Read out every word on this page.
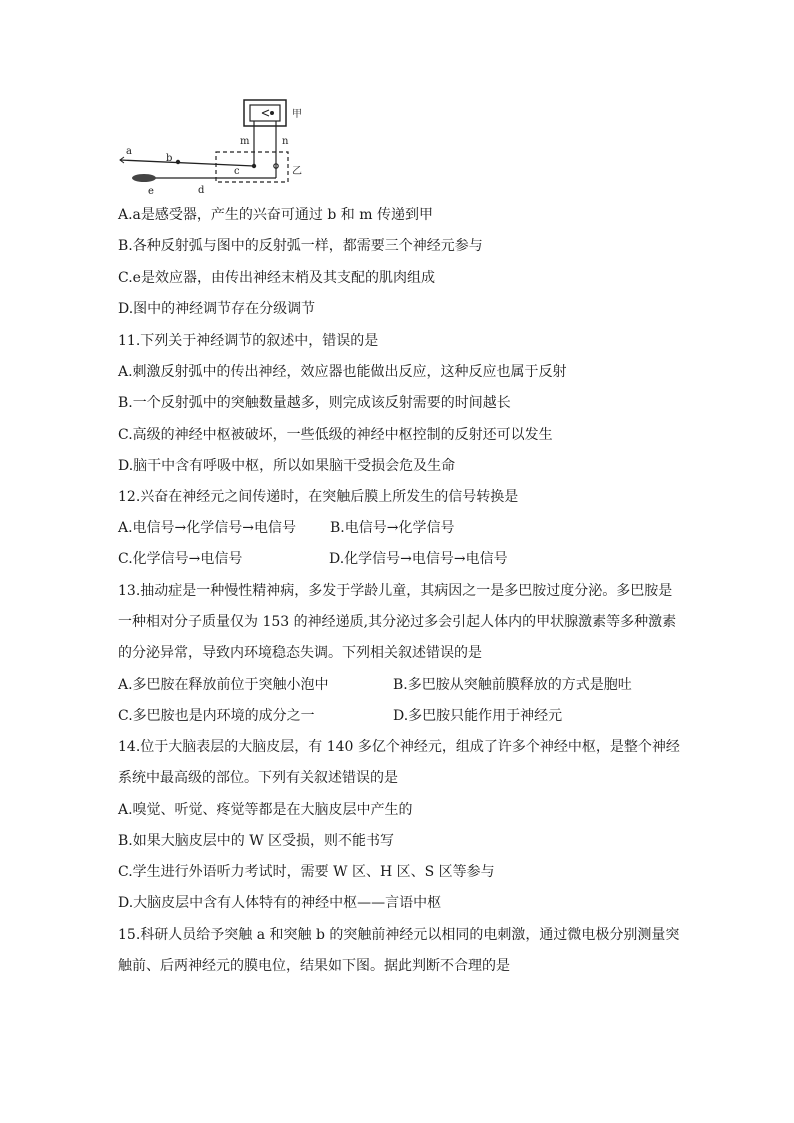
甲
m	n
乙
a
b
c
e	d
A.a是感受器，产生的兴奋可通过 b 和 m 传递到甲
B.各种反射弧与图中的反射弧一样，都需要三个神经元参与
C.e是效应器，由传出神经末梢及其支配的肌肉组成
D.图中的神经调节存在分级调节
11.下列关于神经调节的叙述中，错误的是
A.刺激反射弧中的传出神经，效应器也能做出反应，这种反应也属于反射
B.一个反射弧中的突触数量越多，则完成该反射需要的时间越长
C.高级的神经中枢被破坏，一些低级的神经中枢控制的反射还可以发生
D.脑干中含有呼吸中枢，所以如果脑干受损会危及生命
12.兴奋在神经元之间传递时，在突触后膜上所发生的信号转换是
A.电信号→化学信号→电信号 B.电信号→化学信号
C.化学信号→电信号	D.化学信号→电信号→电信号
13.抽动症是一种慢性精神病，多发于学龄儿童，其病因之一是多巴胺过度分泌。多巴胺是
一种相对分子质量仅为 153 的神经递质,其分泌过多会引起人体内的甲状腺激素等多种激素
的分泌异常，导致内环境稳态失调。下列相关叙述错误的是
A.多巴胺在释放前位于突触小泡中	B.多巴胺从突触前膜释放的方式是胞吐
C.多巴胺也是内环境的成分之一	D.多巴胺只能作用于神经元
14.位于大脑表层的大脑皮层，有 140 多亿个神经元，组成了许多个神经中枢，是整个神经
系统中最高级的部位。下列有关叙述错误的是
A.嗅觉、听觉、疼觉等都是在大脑皮层中产生的
B.如果大脑皮层中的 W 区受损，则不能书写
C.学生进行外语听力考试时，需要 W 区、H 区、S 区等参与
D.大脑皮层中含有人体特有的神经中枢——言语中枢
15.科研人员给予突触 a 和突触 b 的突触前神经元以相同的电刺激，通过微电极分别测量突
触前、后两神经元的膜电位，结果如下图。据此判断不合理的是
